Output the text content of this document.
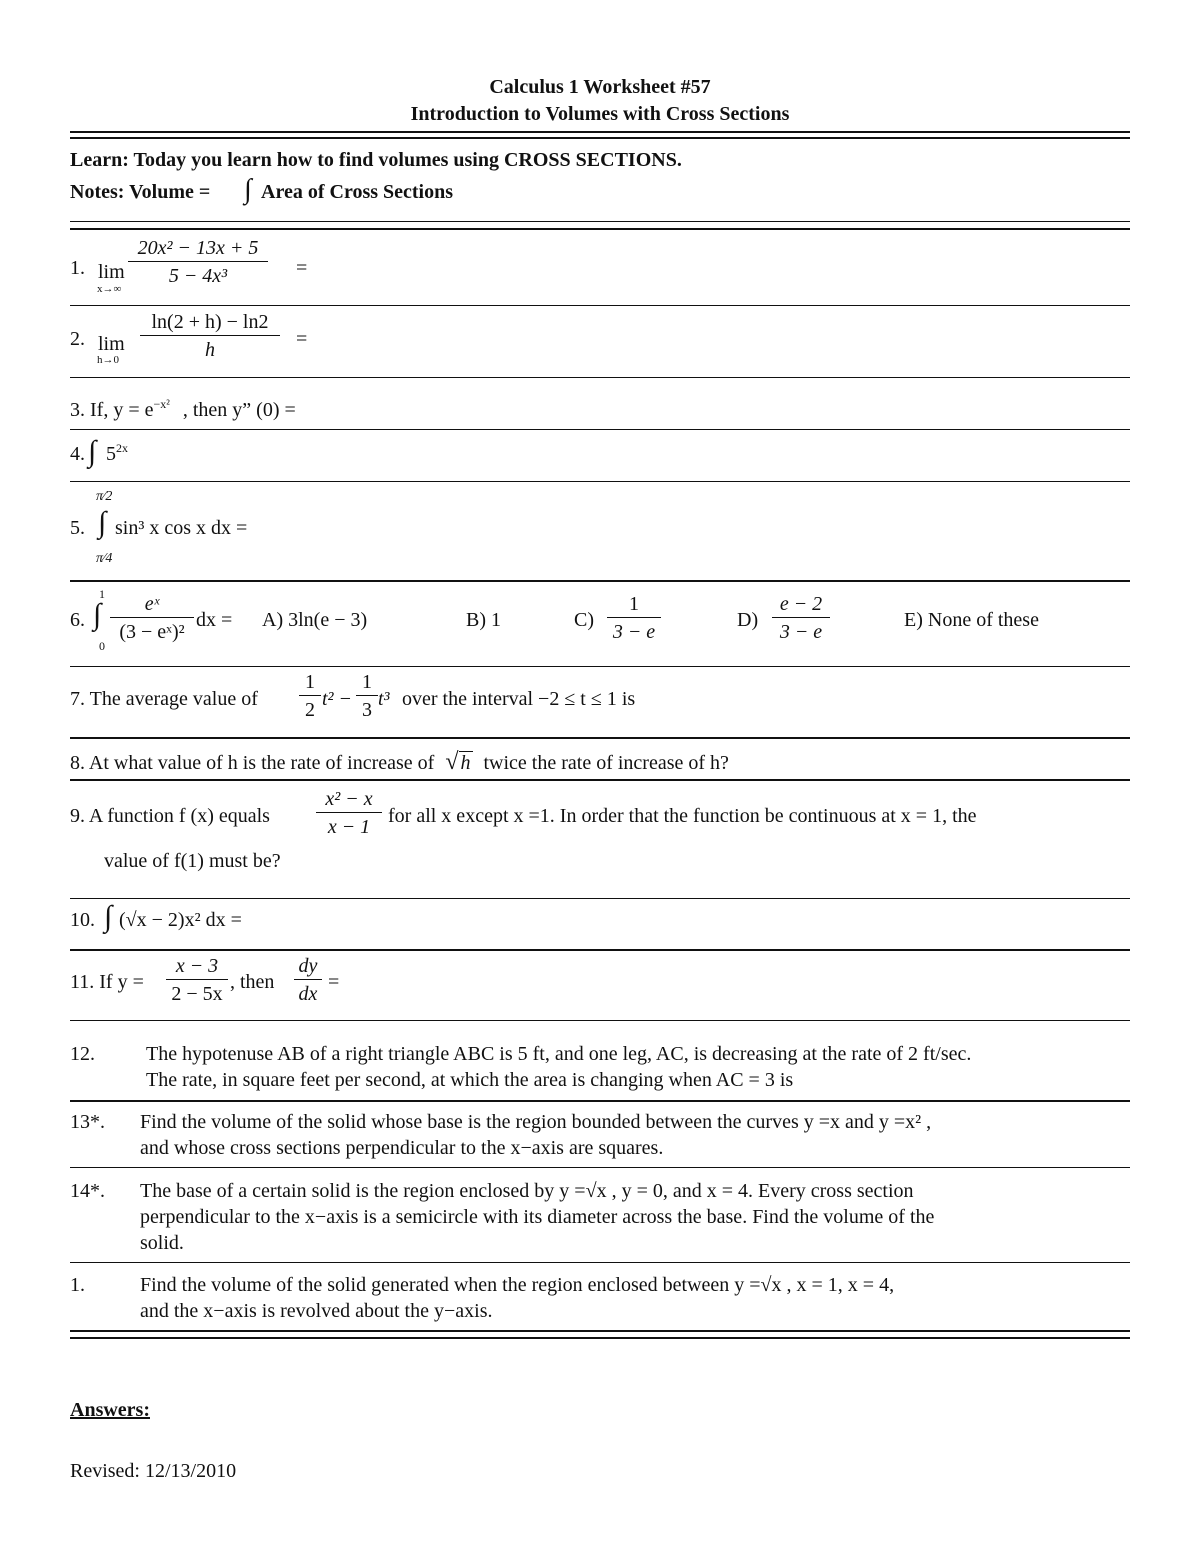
Calculus 1 Worksheet #57
Introduction to Volumes with Cross Sections
Learn: Today you learn how to find volumes using CROSS SECTIONS.
Notes: Volume = ∫ Area of Cross Sections
1. lim
x→∞
$\frac{\text{20x² − 13x + 5}}{\text{5 − 4x³}}$ =
2. lim
$h\to 0 \frac{\ln(2 + h) - \ln 2}{h}$ =
3. If, $y = e^{-x^2}$ , then y” (0) =
4. ∫ $5^{2x}$
π⁄2
5. ∫ sin³ x cos x dx =
π⁄4
1
6. ∫
0
$\frac{\text{eˣ}}{\text{(3 − eˣ)²}}$ dx = A) 3ln(e − 3)	B) 1	$C) \frac{1}{3 - e}$	$D) \frac{e - 2}{3 - e}$	E) None of these
7. The average value of $\frac{1}{2} t^2 - \frac{1}{3} t^3$ over the interval −2 ≤ t ≤ 1 is
8. At what value of h is the rate of increase of √ h twice the rate of increase of h?
9. A function f (x) equals $\frac{\text{x² − x}}{x - 1}$ for all x except x =1. In order that the function be continuous at x = 1, the
value of f(1) must be?
10. ∫ (√x − 2)x² dx =
11. If $y = \frac{x - 3}{2 - 5x}$ , then $\frac{dy}{dx}$ =
12.	The hypotenuse AB of a right triangle ABC is 5 ft, and one leg, AC, is decreasing at the rate of 2 ft/sec.
The rate, in square feet per second, at which the area is changing when AC = 3 is
13*. Find the volume of the solid whose base is the region bounded between the curves y =x and y =x² ,
and whose cross sections perpendicular to the x−axis are squares.
14*. The base of a certain solid is the region enclosed by y =√x , y = 0, and x = 4. Every cross section
perpendicular to the x−axis is a semicircle with its diameter across the base. Find the volume of the
solid.
1.	Find the volume of the solid generated when the region enclosed between y =√x , x = 1, x = 4,
and the x−axis is revolved about the y−axis.
Answers:
Revised: 12/13/2010
